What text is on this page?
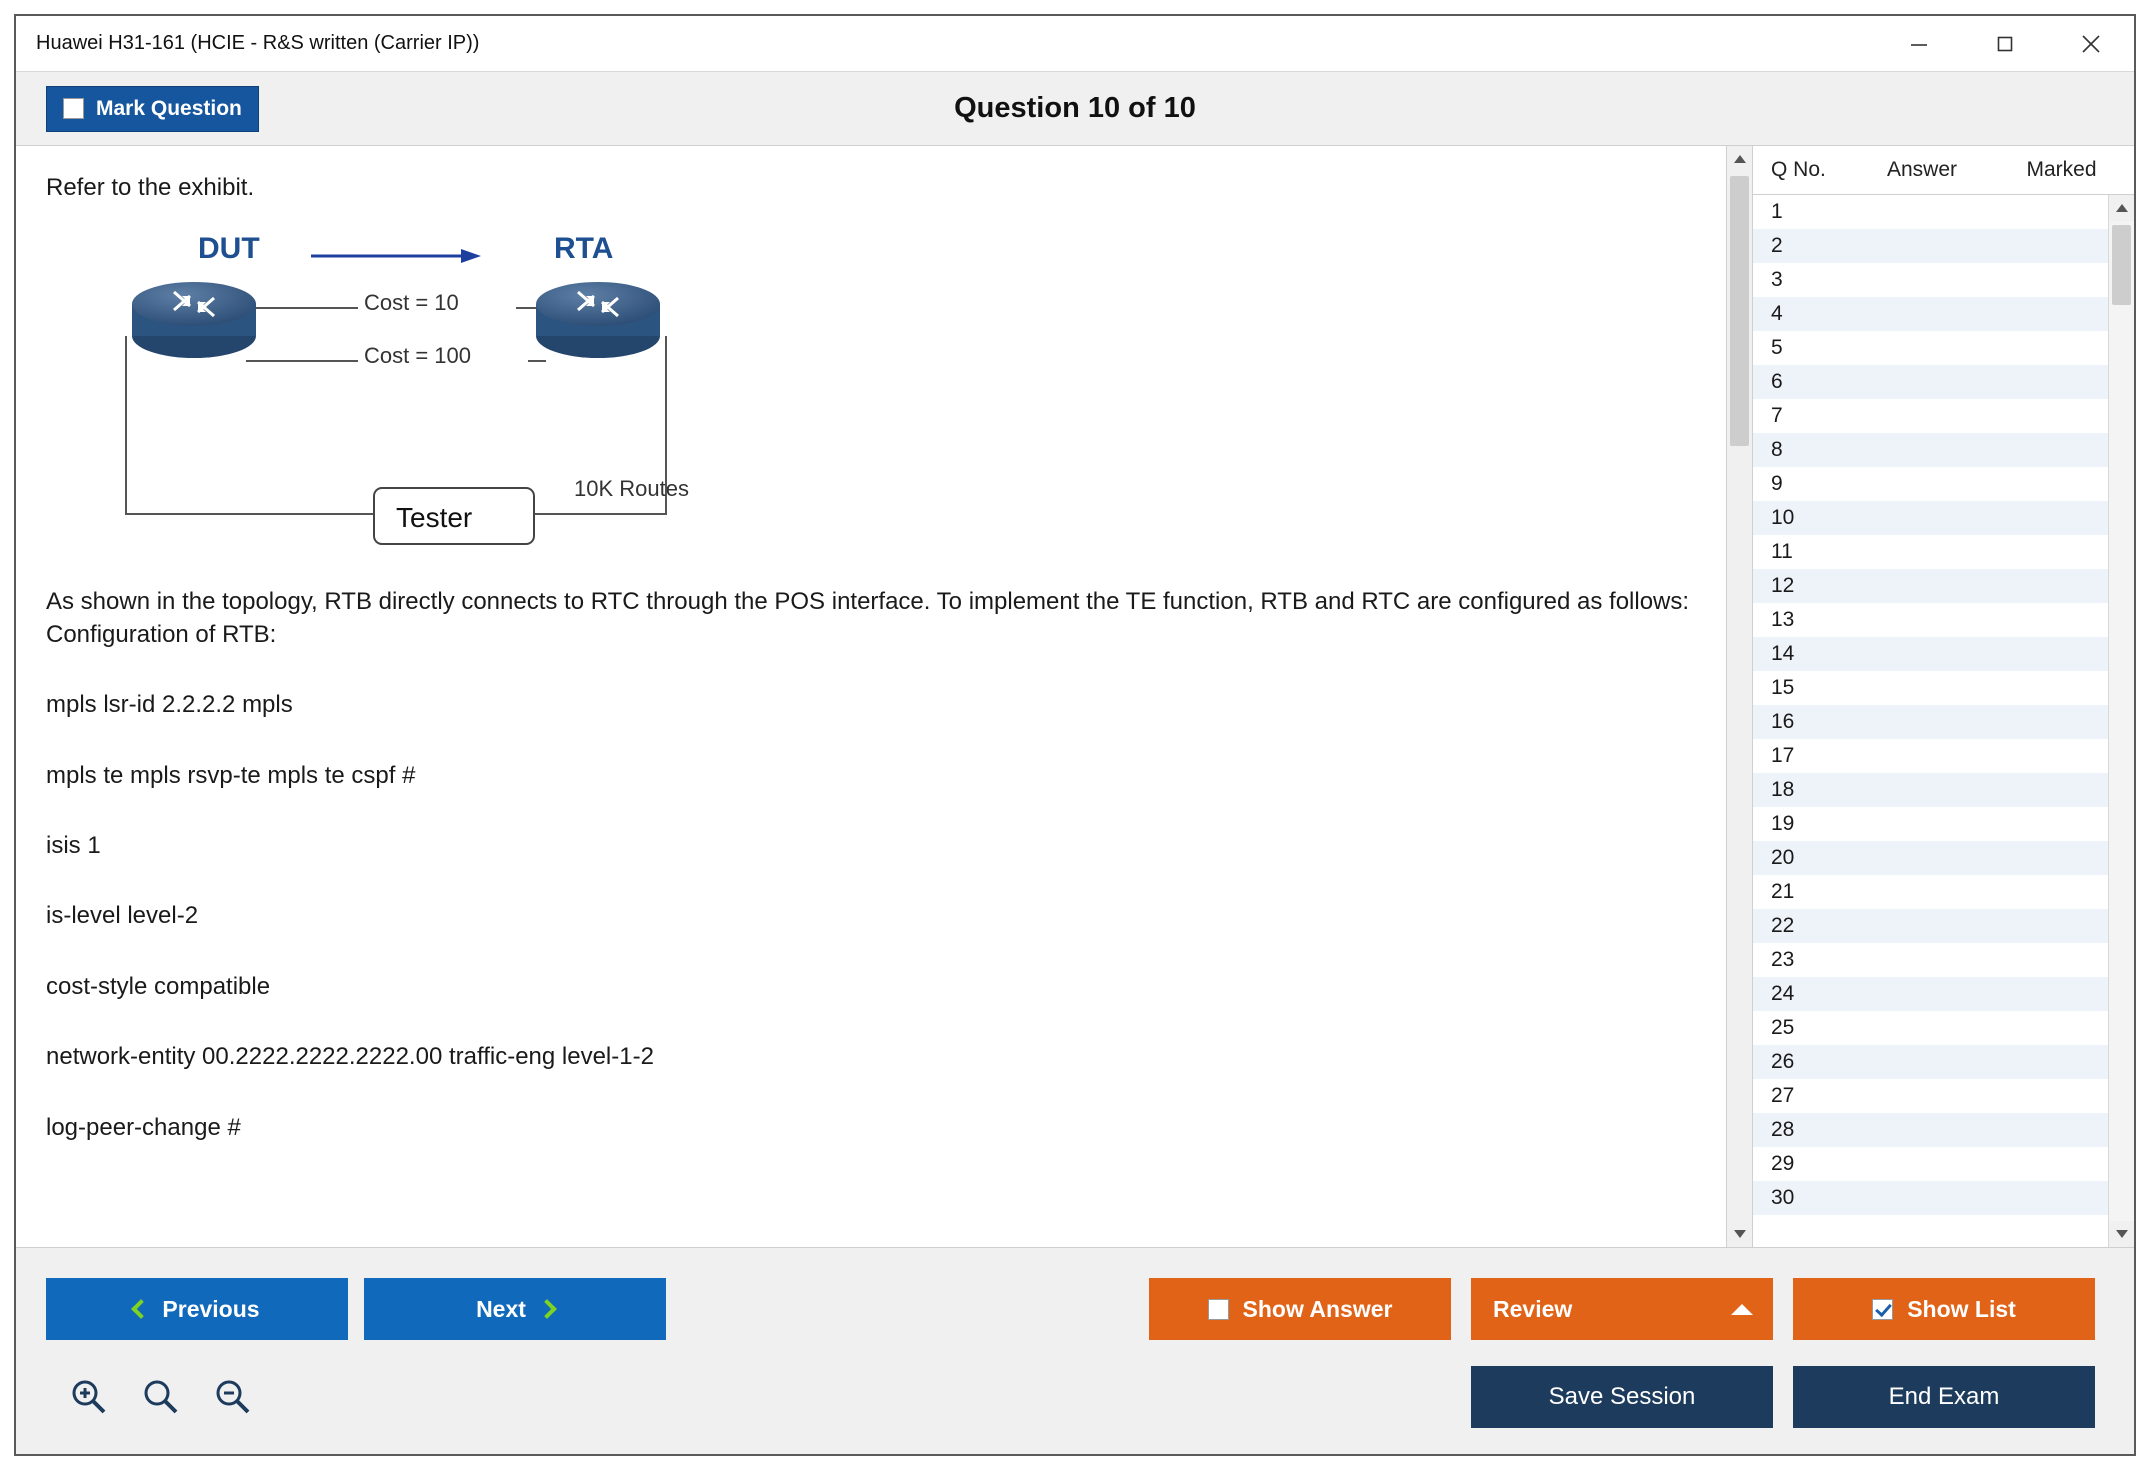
Huawei H31-161 (HCIE - R&S written (Carrier IP))
Mark Question	Question 10 of 10

Refer to the exhibit.

DUT	RTA
Cost = 10
Cost = 100
Tester
10K Routes

As shown in the topology, RTB directly connects to RTC through the POS interface. To implement the TE function, RTB and RTC are configured as follows: Configuration of RTB:

mpls lsr-id 2.2.2.2 mpls

mpls te mpls rsvp-te mpls te cspf #

isis 1

is-level level-2

cost-style compatible

network-entity 00.2222.2222.2222.00 traffic-eng level-1-2

log-peer-change #

Q No.	Answer	Marked
1
2
3
4
5
6
7
8
9
10
11
12
13
14
15
16
17
18
19
20
21
22
23
24
25
26
27
28
29
30
Previous	Next	Show Answer	Review	Show List
Save Session	End Exam
